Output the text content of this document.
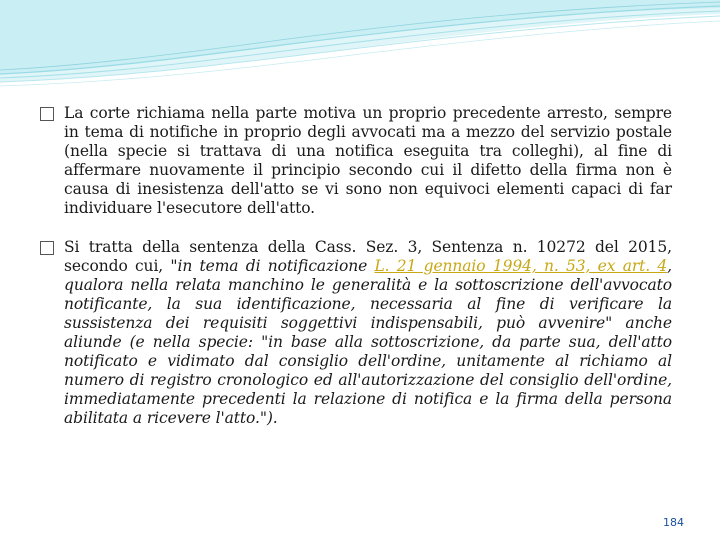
La corte richiama nella parte motiva un proprio precedente arresto, sempre in tema di notifiche in proprio degli avvocati ma a mezzo del servizio postale (nella specie si trattava di una notifica eseguita tra colleghi), al fine di affermare nuovamente il principio secondo cui il difetto della firma non è causa di inesistenza dell'atto se vi sono non equivoci elementi capaci di far individuare l'esecutore dell'atto.

Si tratta della sentenza della Cass. Sez. 3, Sentenza n. 10272 del 2015, secondo cui, "in tema di notificazione L. 21 gennaio 1994, n. 53, ex art. 4, qualora nella relata manchino le generalità e la sottoscrizione dell'avvocato notificante, la sua identificazione, necessaria al fine di verificare la sussistenza dei requisiti soggettivi indispensabili, può avvenire" anche aliunde (e nella specie: "in base alla sottoscrizione, da parte sua, dell'atto notificato e vidimato dal consiglio dell'ordine, unitamente al richiamo al numero di registro cronologico ed all'autorizzazione del consiglio dell'ordine, immediatamente precedenti la relazione di notifica e la firma della persona abilitata a ricevere l'atto.").

184
